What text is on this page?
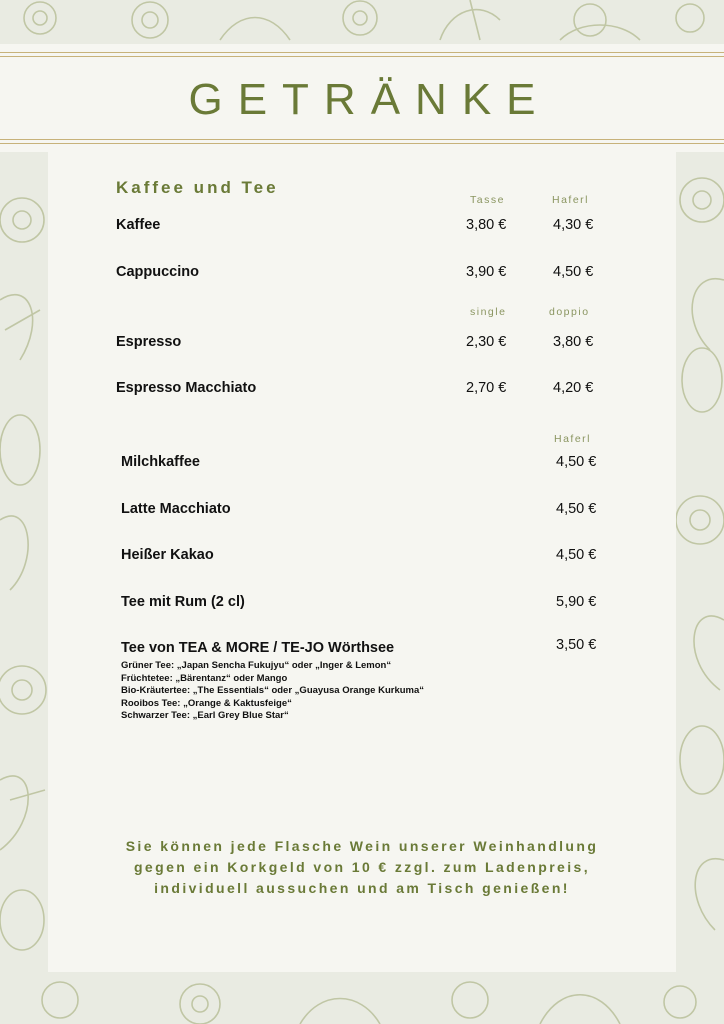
GETRÄNKE
Kaffee und Tee
Tasse	Haferl
Kaffee	3,80 €	4,30 €
Cappuccino	3,90 €	4,50 €
single	doppio
Espresso	2,30 €	3,80 €
Espresso Macchiato	2,70 €	4,20 €
Haferl
Milchkaffee	4,50 €
Latte Macchiato	4,50 €
Heißer Kakao	4,50 €
Tee mit Rum (2 cl)	5,90 €
Tee von TEA & MORE / TE-JO Wörthsee	3,50 €
Grüner Tee: „Japan Sencha Fukujyu“ oder „Inger & Lemon“
Früchtetee: „Bärentanz“ oder Mango
Bio-Kräutertee: „The Essentials“ oder „Guayusa Orange Kurkuma“
Rooibos Tee: „Orange & Kaktusfeige“
Schwarzer Tee: „Earl Grey Blue Star“
Sie können jede Flasche Wein unserer Weinhandlung
gegen ein Korkgeld von 10 € zzgl. zum Ladenpreis,
individuell aussuchen und am Tisch genießen!
